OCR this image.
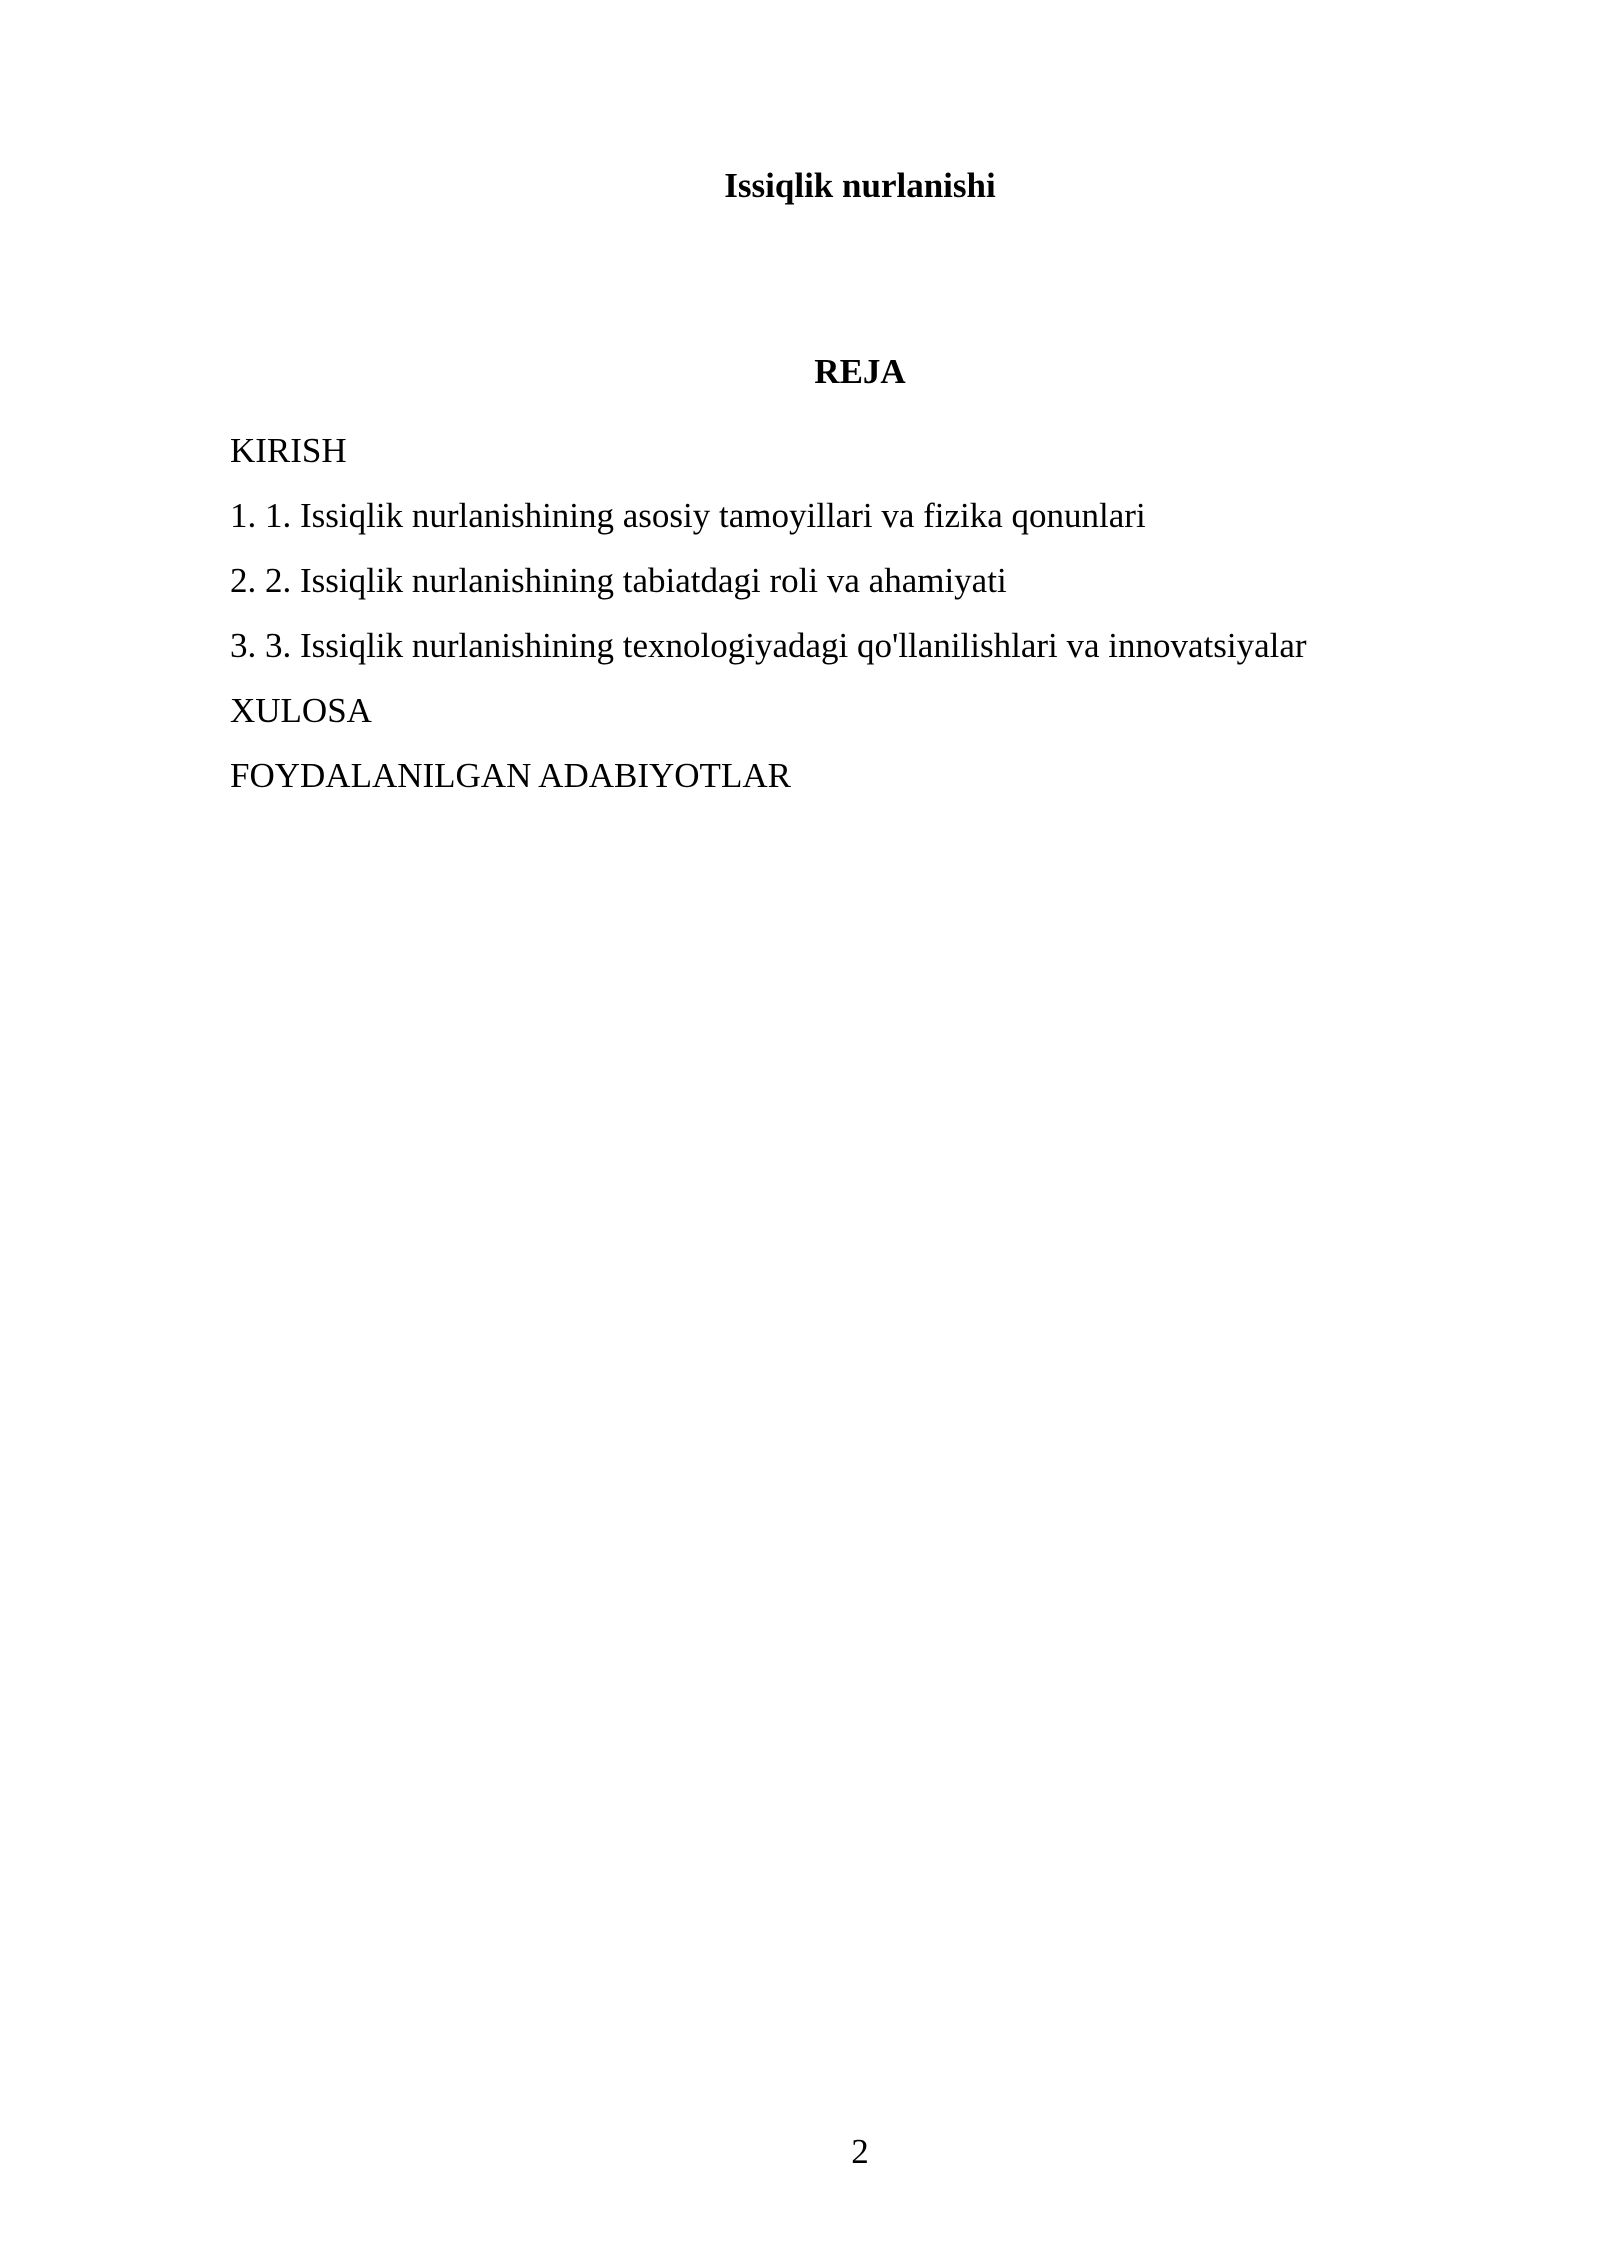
Issiqlik nurlanishi
REJA
KIRISH
1. 1. Issiqlik nurlanishining asosiy tamoyillari va fizika qonunlari
2. 2. Issiqlik nurlanishining tabiatdagi roli va ahamiyati
3. 3. Issiqlik nurlanishining texnologiyadagi qo'llanilishlari va innovatsiyalar
XULOSA
FOYDALANILGAN ADABIYOTLAR
2
